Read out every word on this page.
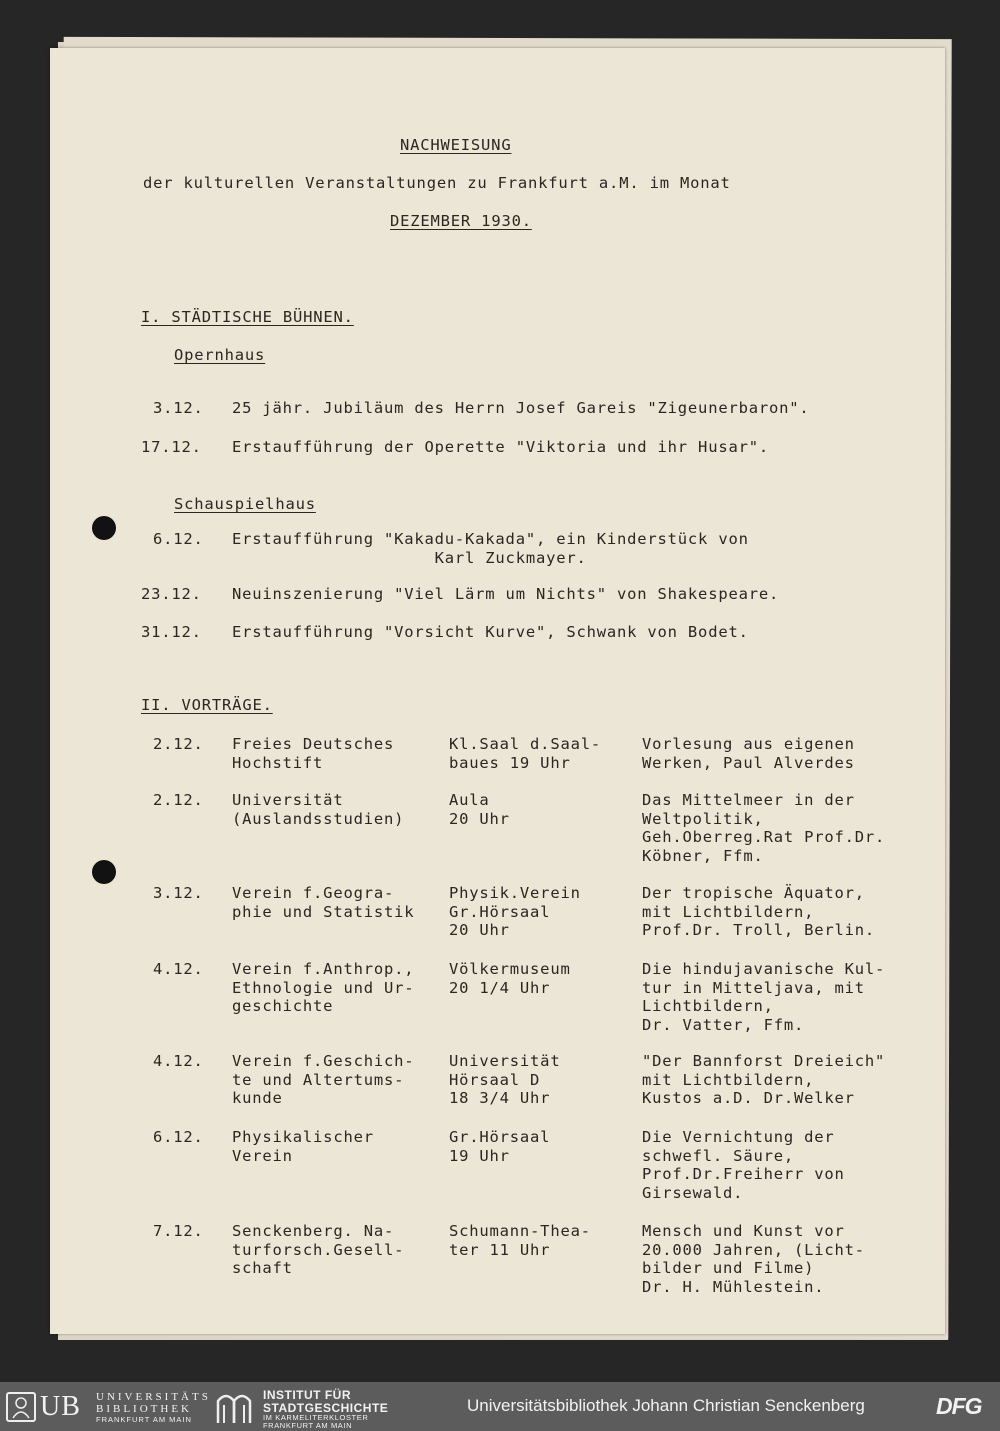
NACHWEISUNG
der kulturellen Veranstaltungen zu Frankfurt a.M. im Monat
DEZEMBER 1930.
I. STÄDTISCHE BÜHNEN.
Opernhaus
3.12. 25 jähr. Jubiläum des Herrn Josef Gareis "Zigeunerbaron".
17.12. Erstaufführung der Operette "Viktoria und ihr Husar".
Schauspielhaus
6.12. Erstaufführung "Kakadu-Kakada", ein Kinderstück von
Karl Zuckmayer.
23.12. Neuinszenierung "Viel Lärm um Nichts" von Shakespeare.
31.12. Erstaufführung "Vorsicht Kurve", Schwank von Bodet.
II. VORTRÄGE.
2.12. Freies Deutsches
Hochstift
Kl.Saal d.Saal-
baues 19 Uhr
Vorlesung aus eigenen
Werken, Paul Alverdes
2.12. Universität
(Auslandsstudien)
Aula
20 Uhr
Das Mittelmeer in der
Weltpolitik,
Geh.Oberreg.Rat Prof.Dr.
Köbner, Ffm.
3.12. Verein f.Geogra-
phie und Statistik
Physik.Verein
Gr.Hörsaal
20 Uhr
Der tropische Äquator,
mit Lichtbildern,
Prof.Dr. Troll, Berlin.
4.12. Verein f.Anthrop.,
Ethnologie und Ur-
geschichte
Völkermuseum
20 1/4 Uhr
Die hindujavanische Kul-
tur in Mitteljava, mit
Lichtbildern,
Dr. Vatter, Ffm.
4.12. Verein f.Geschich-
te und Altertums-
kunde
Universität
Hörsaal D
18 3/4 Uhr
"Der Bannforst Dreieich"
mit Lichtbildern,
Kustos a.D. Dr.Welker
6.12. Physikalischer
Verein
Gr.Hörsaal
19 Uhr
Die Vernichtung der
schwefl. Säure,
Prof.Dr.Freiherr von
Girsewald.
7.12. Senckenberg. Na-
turforsch.Gesell-
schaft
Schumann-Thea-
ter 11 Uhr
Mensch und Kunst vor
20.000 Jahren, (Licht-
bilder und Filme)
Dr. H. Mühlestein.
UB UNIVERSITÄTS
BIBLIOTHEK
FRANKFURT AM MAIN
INSTITUT FÜR
STADTGESCHICHTE
IM KARMELITERKLOSTER
FRANKFURT AM MAIN
Universitätsbibliothek Johann Christian Senckenberg	DFG
